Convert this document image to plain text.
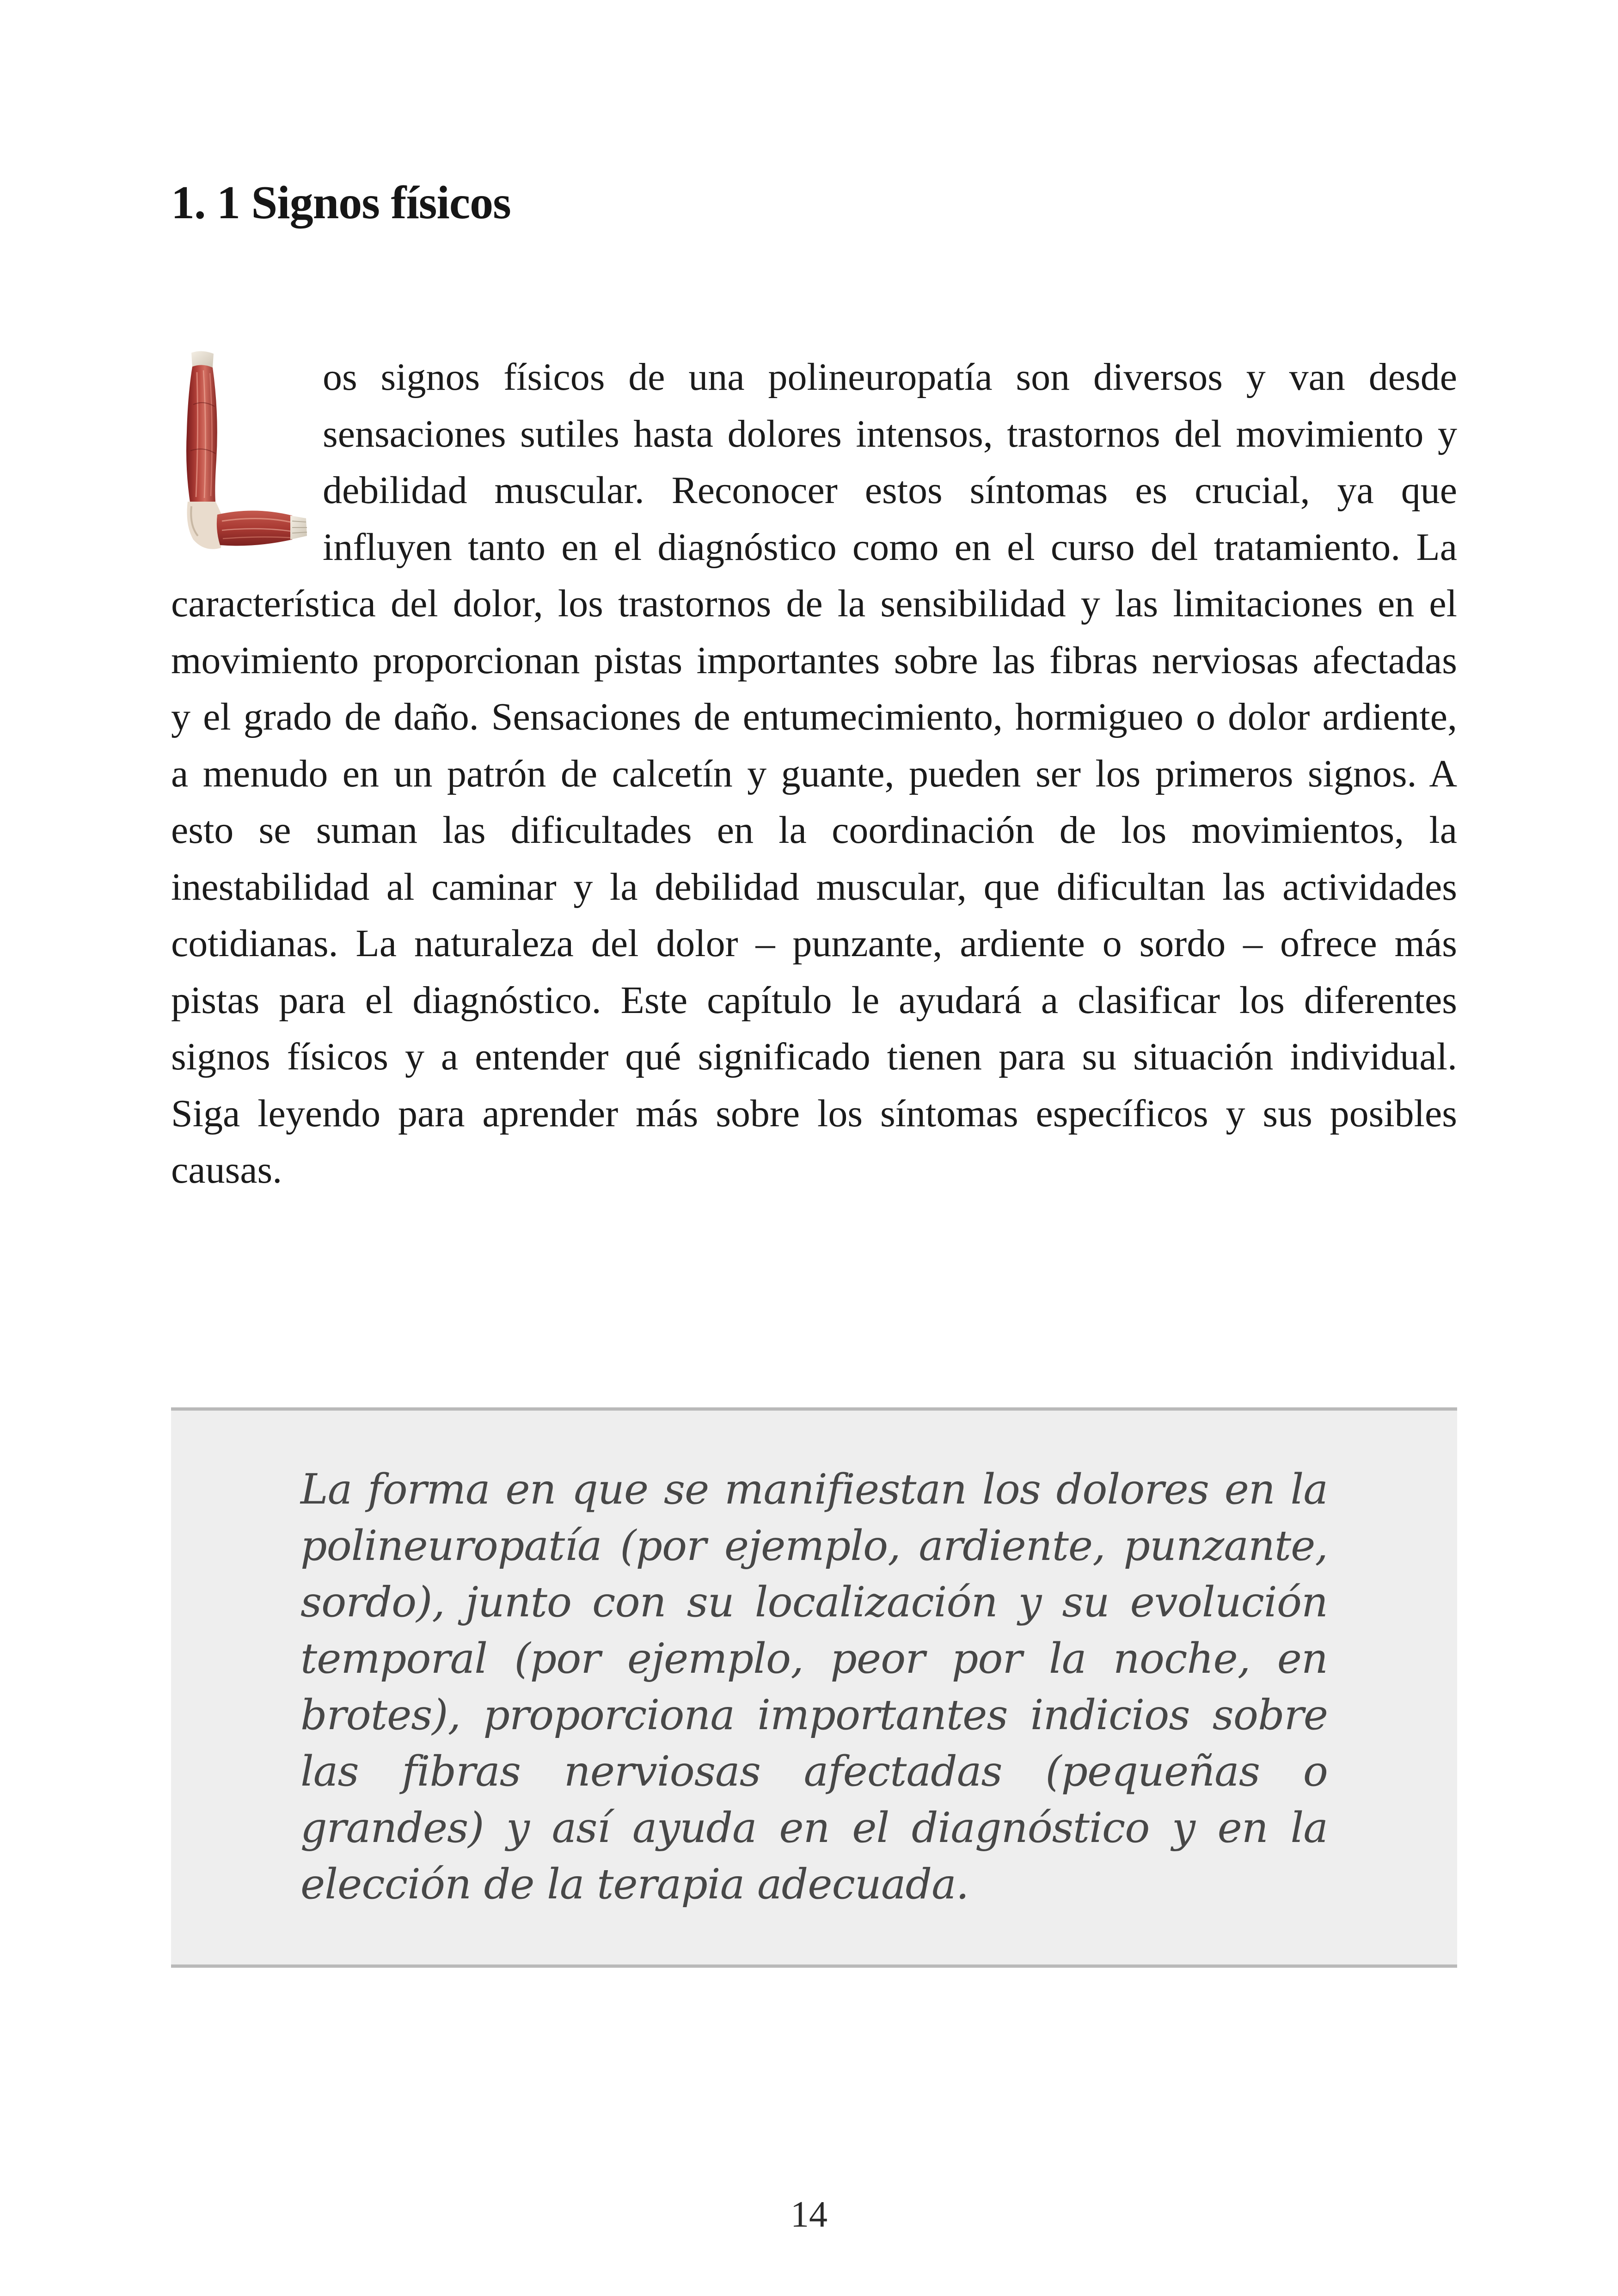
1. 1 Signos físicos

os signos físicos de una polineuropatía son diversos y van desde sensaciones sutiles hasta dolores intensos, trastornos del movimiento y debilidad muscular. Reconocer estos síntomas es crucial, ya que influyen tanto en el diagnóstico como en el curso del tratamiento. La característica del dolor, los trastornos de la sensibilidad y las limitaciones en el movimiento proporcionan pistas importantes sobre las fibras nerviosas afectadas y el grado de daño. Sensaciones de entumecimiento, hormigueo o dolor ardiente, a menudo en un patrón de calcetín y guante, pueden ser los primeros signos. A esto se suman las dificultades en la coordinación de los movimientos, la inestabilidad al caminar y la debilidad muscular, que dificultan las actividades cotidianas. La naturaleza del dolor – punzante, ardiente o sordo – ofrece más pistas para el diagnóstico. Este capítulo le ayudará a clasificar los diferentes signos físicos y a entender qué significado tienen para su situación individual. Siga leyendo para aprender más sobre los síntomas específicos y sus posibles causas.

La forma en que se manifiestan los dolores en la polineuropatía (por ejemplo, ardiente, punzante, sordo), junto con su localización y su evolución temporal (por ejemplo, peor por la noche, en brotes), proporciona importantes indicios sobre las fibras nerviosas afectadas (pequeñas o grandes) y así ayuda en el diagnóstico y en la elección de la terapia adecuada.

14
